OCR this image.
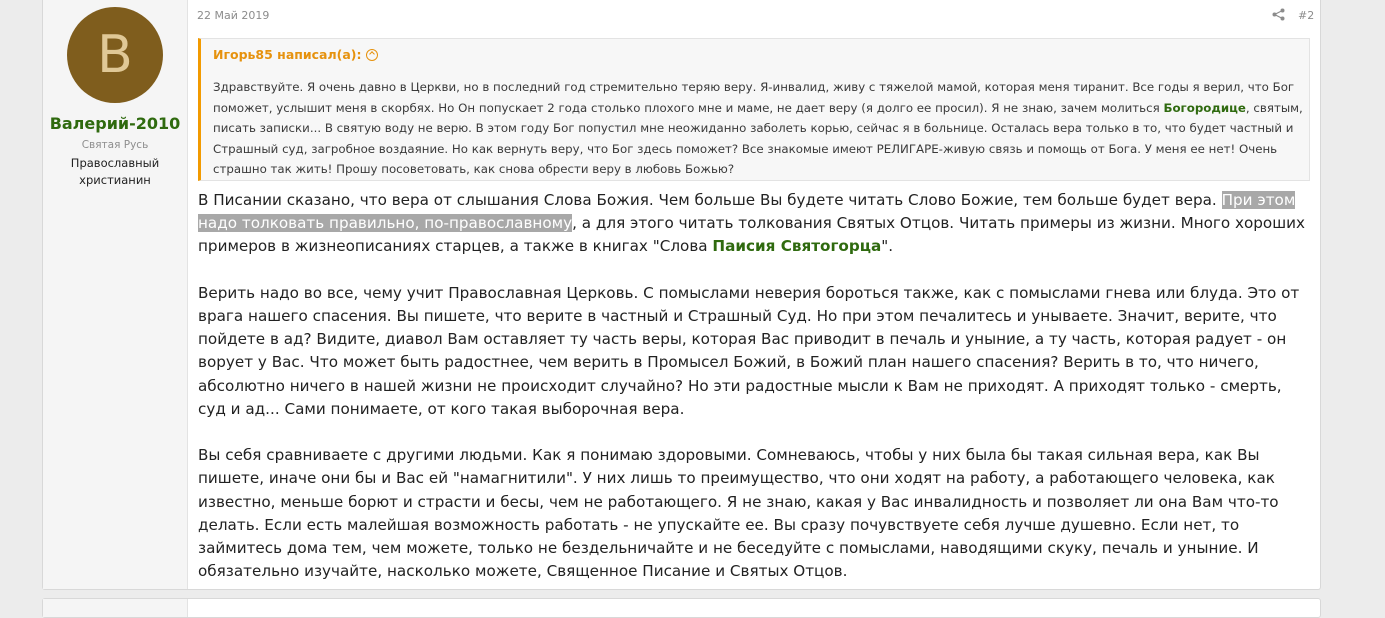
B
Валерий-2010
Святая Русь
Православный христианин
22 Май 2019	#2
Игорь85 написал(а):
Здравствуйте. Я очень давно в Церкви, но в последний год стремительно теряю веру. Я-инвалид, живу с тяжелой мамой, которая меня тиранит. Все годы я верил, что Бог поможет, услышит меня в скорбях. Но Он попускает 2 года столько плохого мне и маме, не дает веру (я долго ее просил). Я не знаю, зачем молиться Богородице, святым, писать записки... В святую воду не верю. В этом году Бог попустил мне неожиданно заболеть корью, сейчас я в больнице. Осталась вера только в то, что будет частный и Страшный суд, загробное воздаяние. Но как вернуть веру, что Бог здесь поможет? Все знакомые имеют РЕЛИГАРЕ-живую связь и помощь от Бога. У меня ее нет! Очень страшно так жить! Прошу посоветовать, как снова обрести веру в любовь Божью?

В Писании сказано, что вера от слышания Слова Божия. Чем больше Вы будете читать Слово Божие, тем больше будет вера. При этом надо толковать правильно, по-православному, а для этого читать толкования Святых Отцов. Читать примеры из жизни. Много хороших примеров в жизнеописаниях старцев, а также в книгах "Слова Паисия Святогорца".

Верить надо во все, чему учит Православная Церковь. С помыслами неверия бороться также, как с помыслами гнева или блуда. Это от врага нашего спасения. Вы пишете, что верите в частный и Страшный Суд. Но при этом печалитесь и унываете. Значит, верите, что пойдете в ад? Видите, диавол Вам оставляет ту часть веры, которая Вас приводит в печаль и уныние, а ту часть, которая радует - он ворует у Вас. Что может быть радостнее, чем верить в Промысел Божий, в Божий план нашего спасения? Верить в то, что ничего, абсолютно ничего в нашей жизни не происходит случайно? Но эти радостные мысли к Вам не приходят. А приходят только - смерть, суд и ад... Сами понимаете, от кого такая выборочная вера.

Вы себя сравниваете с другими людьми. Как я понимаю здоровыми. Сомневаюсь, чтобы у них была бы такая сильная вера, как Вы пишете, иначе они бы и Вас ей "намагнитили". У них лишь то преимущество, что они ходят на работу, а работающего человека, как известно, меньше борют и страсти и бесы, чем не работающего. Я не знаю, какая у Вас инвалидность и позволяет ли она Вам что-то делать. Если есть малейшая возможность работать - не упускайте ее. Вы сразу почувствуете себя лучше душевно. Если нет, то займитесь дома тем, чем можете, только не бездельничайте и не беседуйте с помыслами, наводящими скуку, печаль и уныние. И обязательно изучайте, насколько можете, Священное Писание и Святых Отцов.
